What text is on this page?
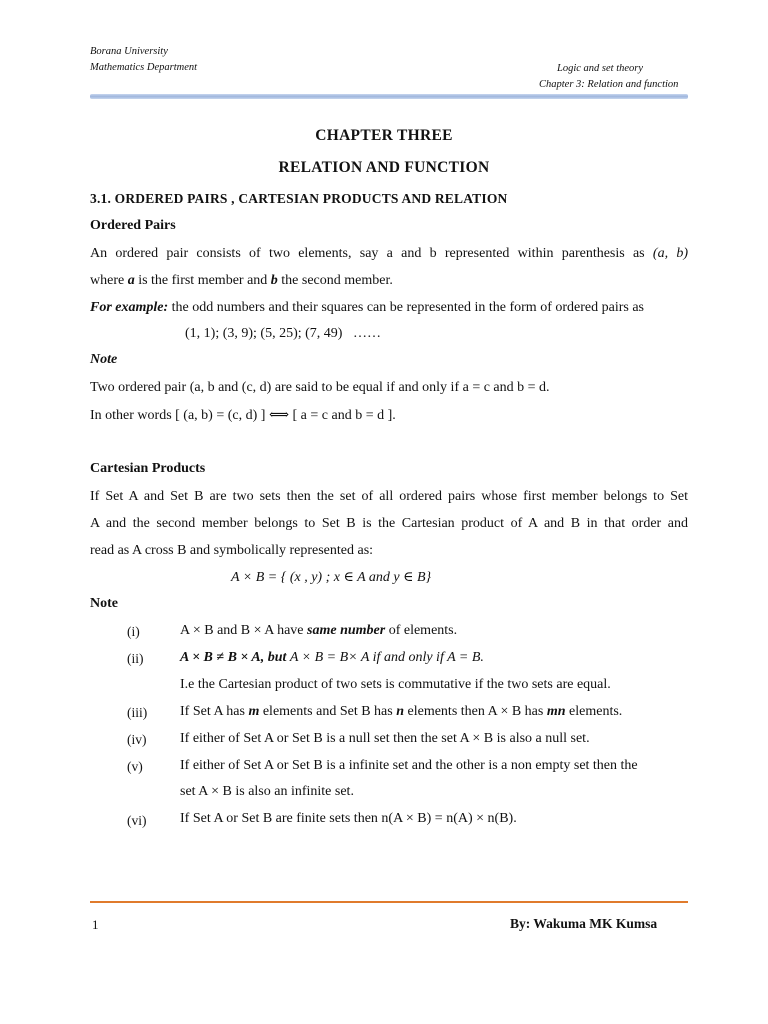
Borana University
Mathematics Department	Logic and set theory
Chapter 3: Relation and function
CHAPTER THREE
RELATION AND FUNCTION
3.1. ORDERED PAIRS , CARTESIAN PRODUCTS AND RELATION
Ordered Pairs
An ordered pair consists of two elements, say a and b represented within parenthesis as (a, b)
where a is the first member and b the second member.
For example: the odd numbers and their squares can be represented in the form of ordered pairs as
(1, 1); (3, 9); (5, 25); (7, 49)   ……
Note
Two ordered pair (a, b and (c, d) are said to be equal if and only if a = c and b = d.
In other words [ (a, b) = (c, d) ] ⟺ [ a = c and b = d ].
Cartesian Products
If Set A and Set B are two sets then the set of all ordered pairs whose first member belongs to Set
A and the second member belongs to Set B is the Cartesian product of A and B in that order and
read as A cross B and symbolically represented as:
A × B = { (x , y) ; x ∈ A and y ∈ B}
Note
(i)	A × B and B × A have same number of elements.
(ii)	A × B ≠ B × A, but A × B = B× A if and only if A = B.
I.e the Cartesian product of two sets is commutative if the two sets are equal.
(iii) If Set A has m elements and Set B has n elements then A × B has mn elements.
(iv) If either of Set A or Set B is a null set then the set A × B is also a null set.
(v)	If either of Set A or Set B is a infinite set and the other is a non empty set then the
set A × B is also an infinite set.
(vi) If Set A or Set B are finite sets then n(A × B) = n(A) × n(B).
1	By: Wakuma MK Kumsa
